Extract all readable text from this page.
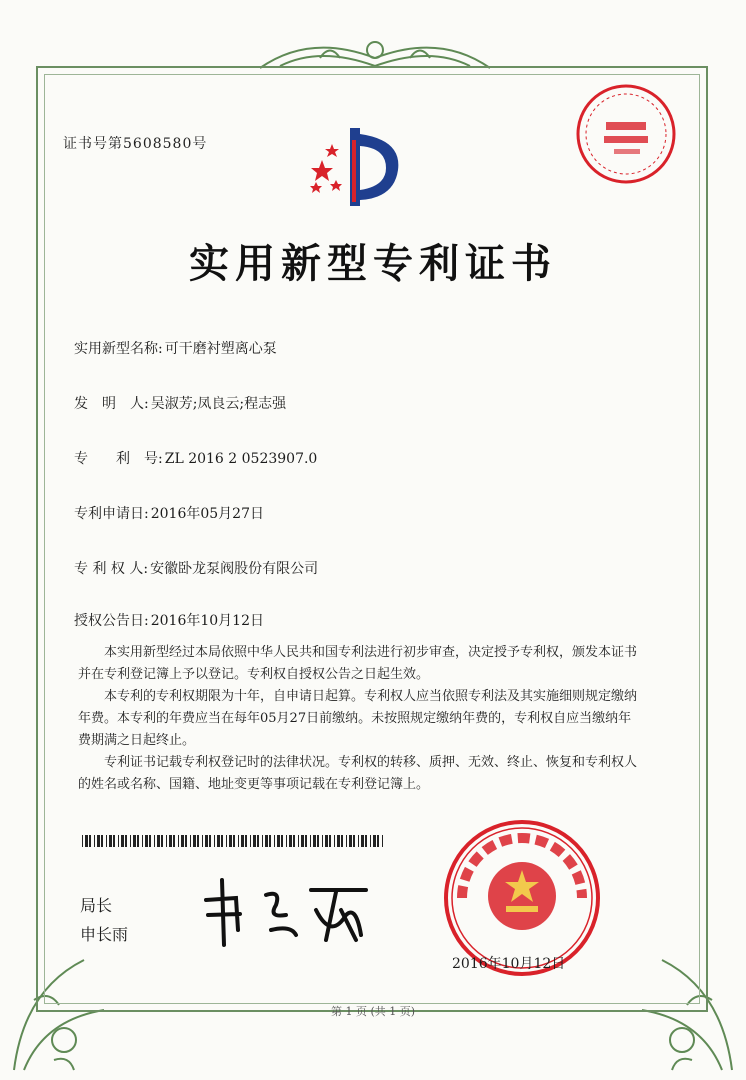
证书号第5608580号
实用新型专利证书
实用新型名称: 可干磨衬塑离心泵
发　明　人: 吴淑芳;凤良云;程志强
专　　利　号: ZL 2016 2 0523907.0
专利申请日: 2016年05月27日
专 利 权 人: 安徽卧龙泵阀股份有限公司
授权公告日: 2016年10月12日

本实用新型经过本局依照中华人民共和国专利法进行初步审查，决定授予专利权，颁发本证书并在专利登记簿上予以登记。专利权自授权公告之日起生效。

本专利的专利权期限为十年，自申请日起算。专利权人应当依照专利法及其实施细则规定缴纳年费。本专利的年费应当在每年05月27日前缴纳。未按照规定缴纳年费的，专利权自应当缴纳年费期满之日起终止。

专利证书记载专利权登记时的法律状况。专利权的转移、质押、无效、终止、恢复和专利权人的姓名或名称、国籍、地址变更等事项记载在专利登记簿上。

局长
申长雨
2016年10月12日
第 1 页 (共 1 页)
